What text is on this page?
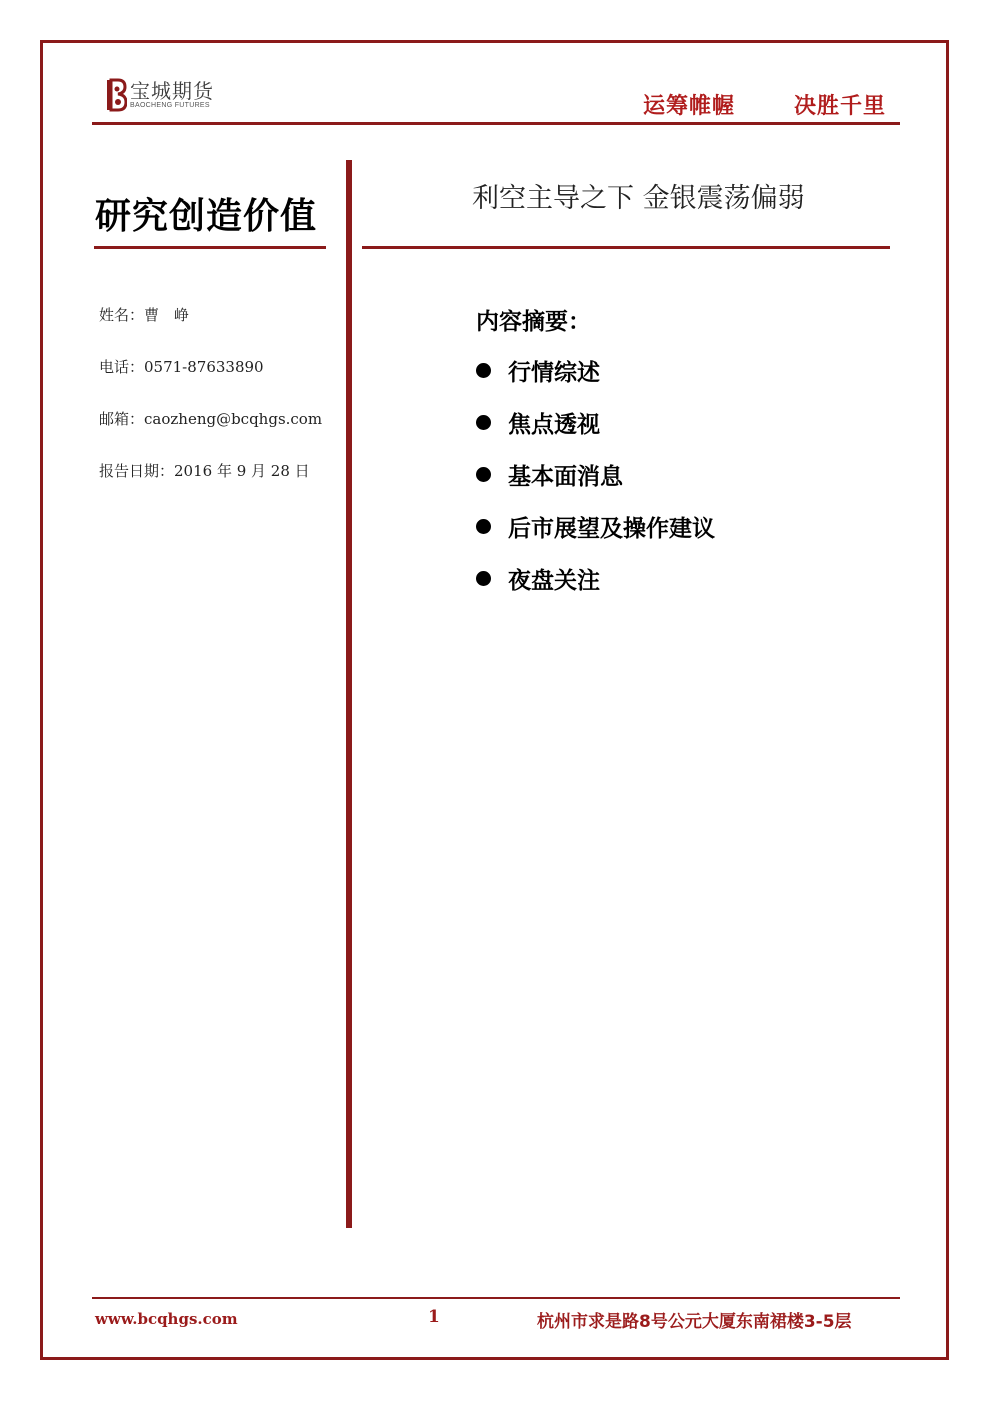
宝城期货
BAOCHENG FUTURES	运筹帷幄	决胜千里
研究创造价值	利空主导之下 金银震荡偏弱
姓名：曹　峥
电话：0571-87633890
邮箱：caozheng@bcqhgs.com
报告日期：2016 年 9 月 28 日
内容摘要：
行情综述
焦点透视
基本面消息
后市展望及操作建议
夜盘关注
www.bcqhgs.com	1	杭州市求是路8号公元大厦东南裙楼3-5层
